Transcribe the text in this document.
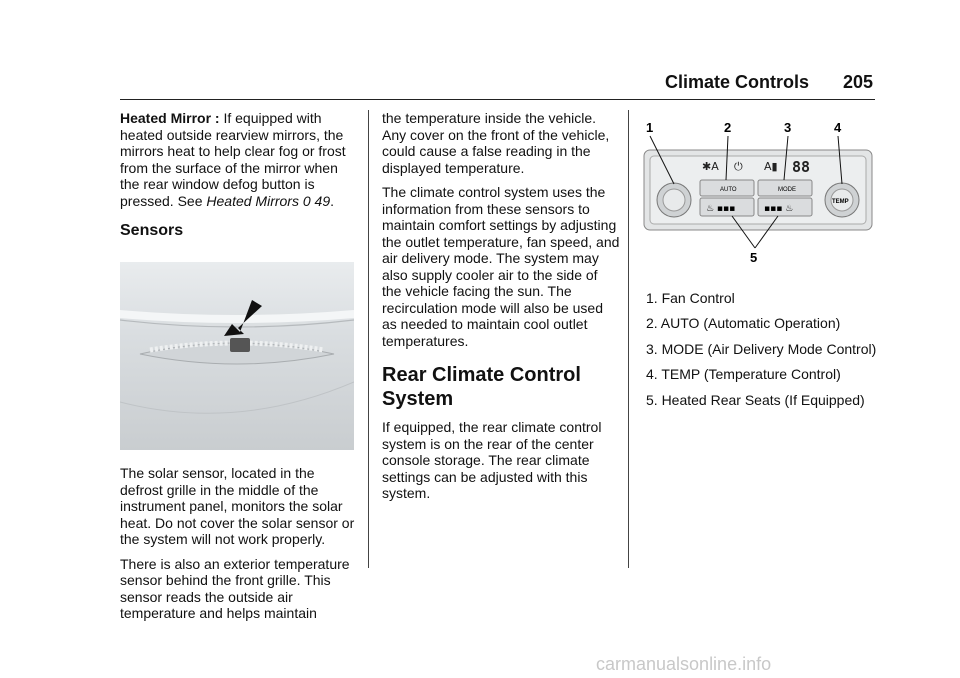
Climate Controls 205

Heated Mirror : If equipped with heated outside rearview mirrors, the mirrors heat to help clear fog or frost from the surface of the mirror when the rear window defog button is pressed. See Heated Mirrors 0 49.

Sensors

The solar sensor, located in the defrost grille in the middle of the instrument panel, monitors the solar heat. Do not cover the solar sensor or the system will not work properly.

There is also an exterior temperature sensor behind the front grille. This sensor reads the outside air temperature and helps maintain

the temperature inside the vehicle. Any cover on the front of the vehicle, could cause a false reading in the displayed temperature.

The climate control system uses the information from these sensors to maintain comfort settings by adjusting the outlet temperature, fan speed, and air delivery mode. The system may also supply cooler air to the side of the vehicle facing the sun. The recirculation mode will also be used as needed to maintain cool outlet temperatures.

Rear Climate Control System

If equipped, the rear climate control system is on the rear of the center console storage. The rear climate settings can be adjusted with this system.

1	2	3	4
5
✱A ⏻ A▮ 88
TEMP
AUTO	MODE
♨ ▪▪▪	▪▪▪ ♨
1. Fan Control
2. AUTO (Automatic Operation)
3. MODE (Air Delivery Mode Control)
4. TEMP (Temperature Control)
5. Heated Rear Seats (If Equipped)
carmanualsonline.info
